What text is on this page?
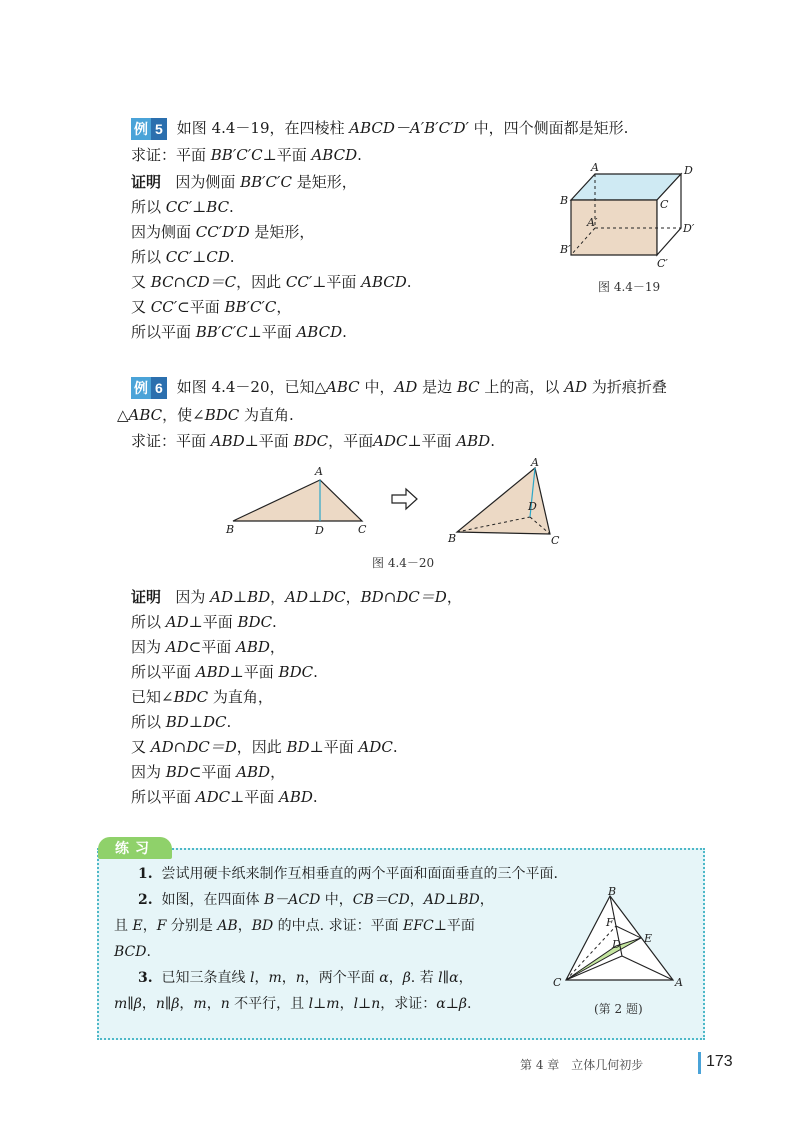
例 5 如图 4.4－19，在四棱柱 ABCD－A′B′C′D′ 中，四个侧面都是矩形.
求证：平面 BB′C′C⊥平面 ABCD.
证明 因为侧面 BB′C′C 是矩形，
所以 CC′⊥BC.
因为侧面 CC′D′D 是矩形，
所以 CC′⊥CD.
又 BC∩CD＝C，因此 CC′⊥平面 ABCD.
又 CC′⊂平面 BB′C′C，
所以平面 BB′C′C⊥平面 ABCD.
A	D
B	C
A′	D′
B′
C′
图 4.4－19
例 6 如图 4.4－20，已知△ABC 中，AD 是边 BC 上的高，以 AD 为折痕折叠
△ABC，使∠BDC 为直角.
求证：平面 ABD⊥平面 BDC，平面ADC⊥平面 ABD.
A
B	D	C
A
B
D
C
图 4.4－20
证明 因为 AD⊥BD，AD⊥DC，BD∩DC＝D，
所以 AD⊥平面 BDC.
因为 AD⊂平面 ABD，
所以平面 ABD⊥平面 BDC.
已知∠BDC 为直角，
所以 BD⊥DC.
又 AD∩DC＝D，因此 BD⊥平面 ADC.
因为 BD⊂平面 ABD，
所以平面 ADC⊥平面 ABD.
练习
1. 尝试用硬卡纸来制作互相垂直的两个平面和面面垂直的三个平面.
2. 如图，在四面体 B－ACD 中，CB＝CD，AD⊥BD，
且 E，F 分别是 AB，BD 的中点. 求证：平面 EFC⊥平面
BCD.
3. 已知三条直线 l，m，n，两个平面 α，β. 若 l∥α，
m∥β，n∥β，m，n 不平行，且 l⊥m，l⊥n，求证：α⊥β.
B
F
D E
C	A
(第 2 题)
第 4 章　立体几何初步	173
